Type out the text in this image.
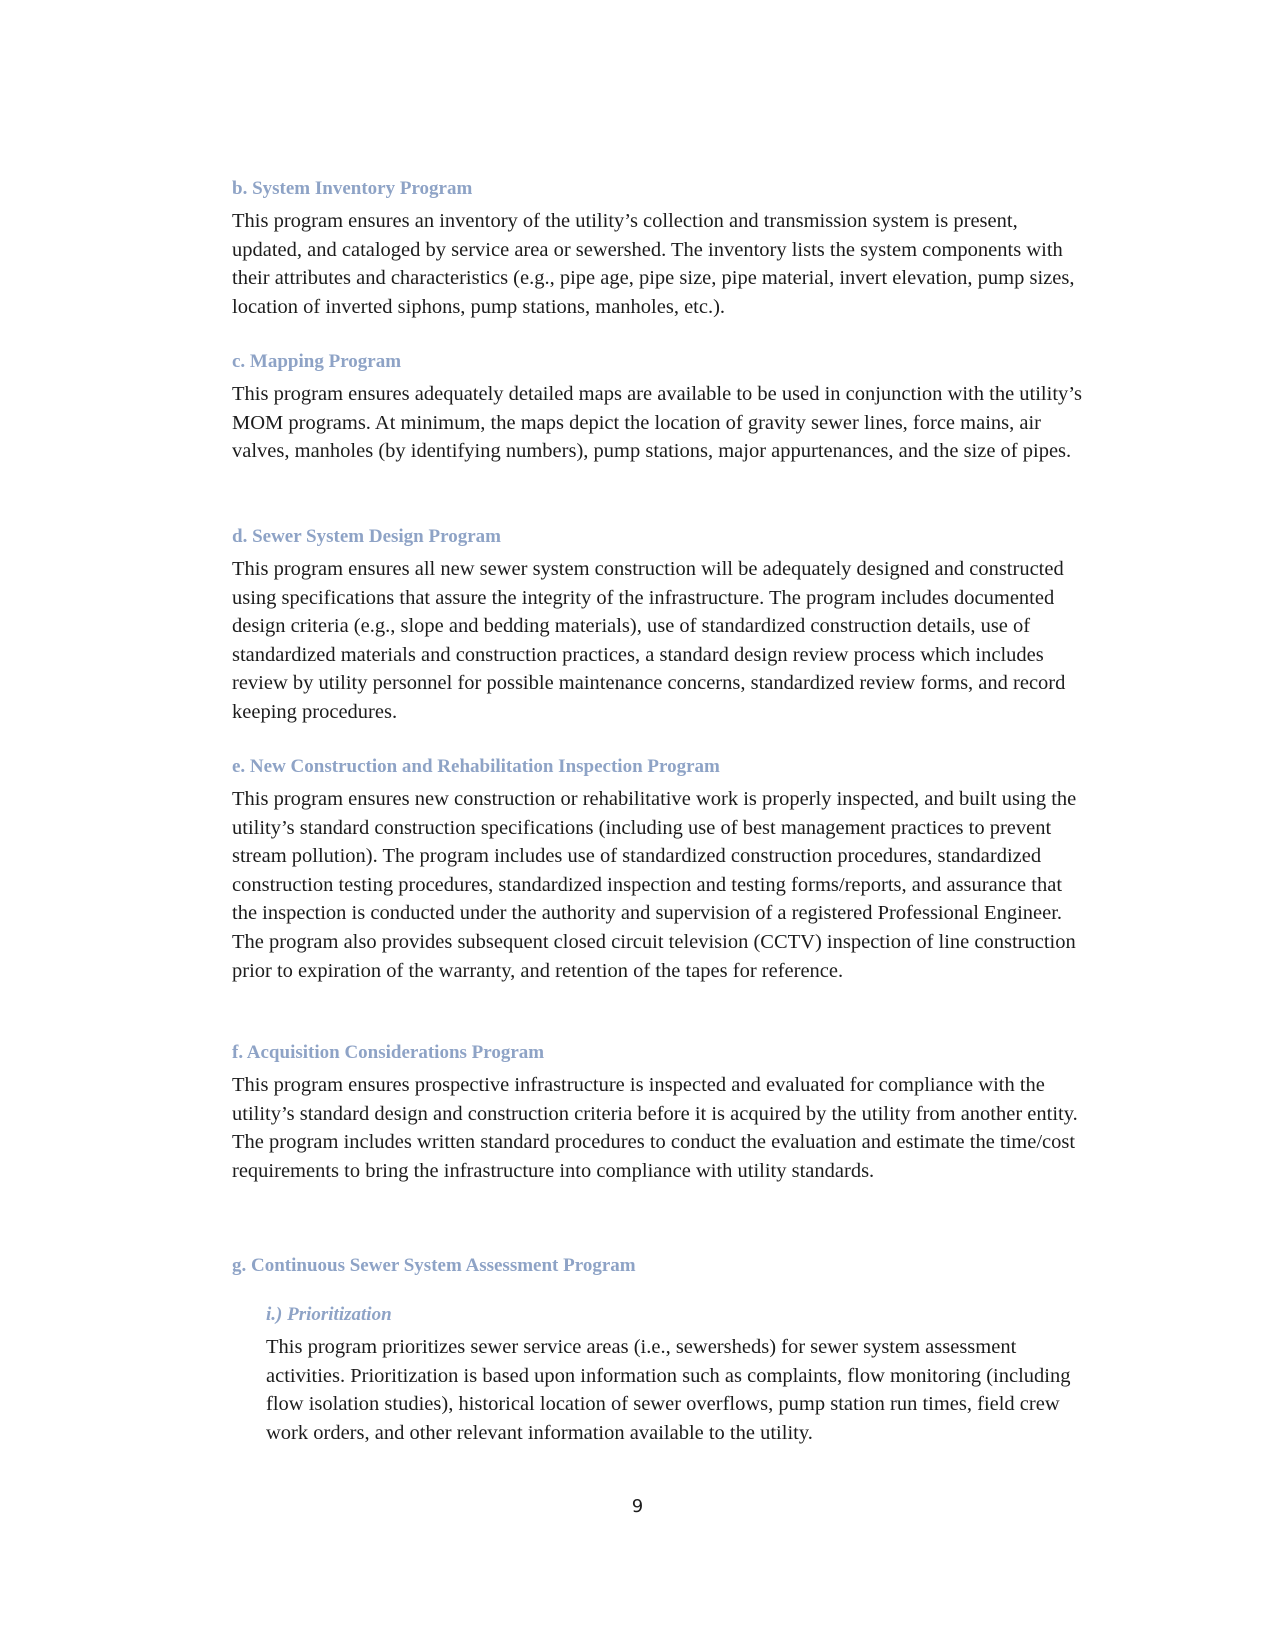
b. System Inventory Program

This program ensures an inventory of the utility’s collection and transmission system is present, updated, and cataloged by service area or sewershed. The inventory lists the system components with their attributes and characteristics (e.g., pipe age, pipe size, pipe material, invert elevation, pump sizes, location of inverted siphons, pump stations, manholes, etc.).

c. Mapping Program

This program ensures adequately detailed maps are available to be used in conjunction with the utility’s MOM programs. At minimum, the maps depict the location of gravity sewer lines, force mains, air valves, manholes (by identifying numbers), pump stations, major appurtenances, and the size of pipes.

d. Sewer System Design Program

This program ensures all new sewer system construction will be adequately designed and constructed using specifications that assure the integrity of the infrastructure. The program includes documented design criteria (e.g., slope and bedding materials), use of standardized construction details, use of standardized materials and construction practices, a standard design review process which includes review by utility personnel for possible maintenance concerns, standardized review forms, and record keeping procedures.

e. New Construction and Rehabilitation Inspection Program

This program ensures new construction or rehabilitative work is properly inspected, and built using the utility’s standard construction specifications (including use of best management practices to prevent stream pollution). The program includes use of standardized construction procedures, standardized construction testing procedures, standardized inspection and testing forms/reports, and assurance that the inspection is conducted under the authority and supervision of a registered Professional Engineer. The program also provides subsequent closed circuit television (CCTV) inspection of line construction prior to expiration of the warranty, and retention of the tapes for reference.

f. Acquisition Considerations Program

This program ensures prospective infrastructure is inspected and evaluated for compliance with the utility’s standard design and construction criteria before it is acquired by the utility from another entity. The program includes written standard procedures to conduct the evaluation and estimate the time/cost requirements to bring the infrastructure into compliance with utility standards.

g. Continuous Sewer System Assessment Program
i.) Prioritization

This program prioritizes sewer service areas (i.e., sewersheds) for sewer system assessment activities. Prioritization is based upon information such as complaints, flow monitoring (including flow isolation studies), historical location of sewer overflows, pump station run times, field crew work orders, and other relevant information available to the utility.

9
